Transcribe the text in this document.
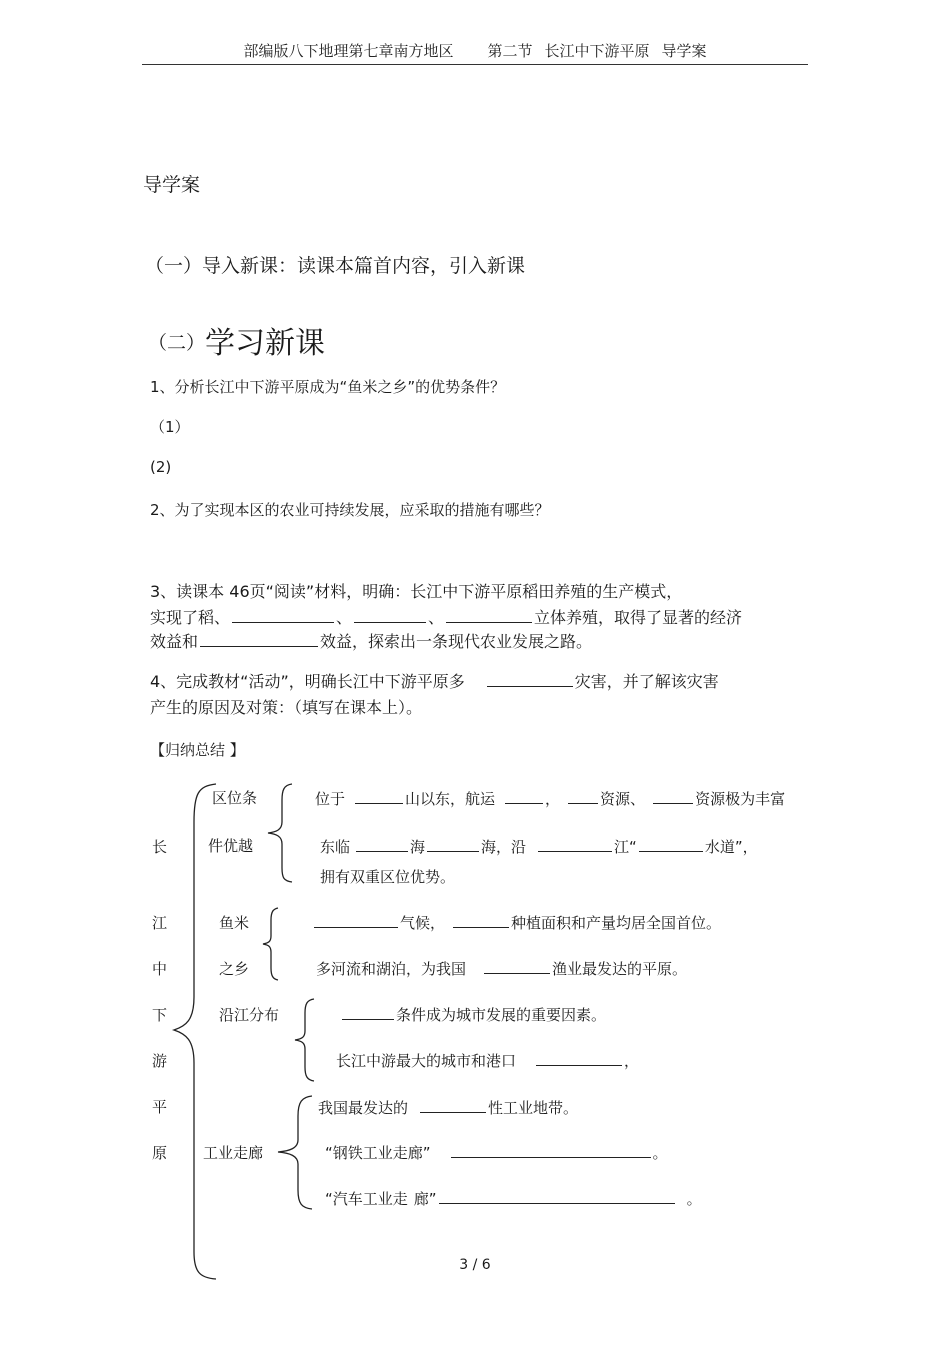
部编版八下地理第七章南方地区 第二节 长江中下游平原 导学案
导学案
（一）导入新课：读课本篇首内容，引入新课
（二）学习新课
1、分析长江中下游平原成为“鱼米之乡”的优势条件？
（1）
(2)
2、为了实现本区的农业可持续发展，应采取的措施有哪些？
3、读课本 46页“阅读”材料，明确：长江中下游平原稻田养殖的生产模式，
实现了稻、	、	、	立体养殖，取得了显著的经济
效益和	效益，探索出一条现代农业发展之路。
4、完成教材“活动”，明确长江中下游平原多	灾害，并了解该灾害
产生的原因及对策：（填写在课本上）。
【归纳总结 】
长
江
中
下
游
平
原
区位条
件优越
位于	山以东，航运	，	资源、	资源极为丰富
东临	海	海，沿	江“	水道”，
拥有双重区位优势。
鱼米
之乡
气候，	种植面积和产量均居全国首位。
多河流和湖泊，为我国	渔业最发达的平原。
沿江分布	条件成为城市发展的重要因素。
长江中游最大的城市和港口	，
工业走廊
我国最发达的	性工业地带。
“钢铁工业走廊”	。
“汽车工业走 廊”	。
3 / 6
